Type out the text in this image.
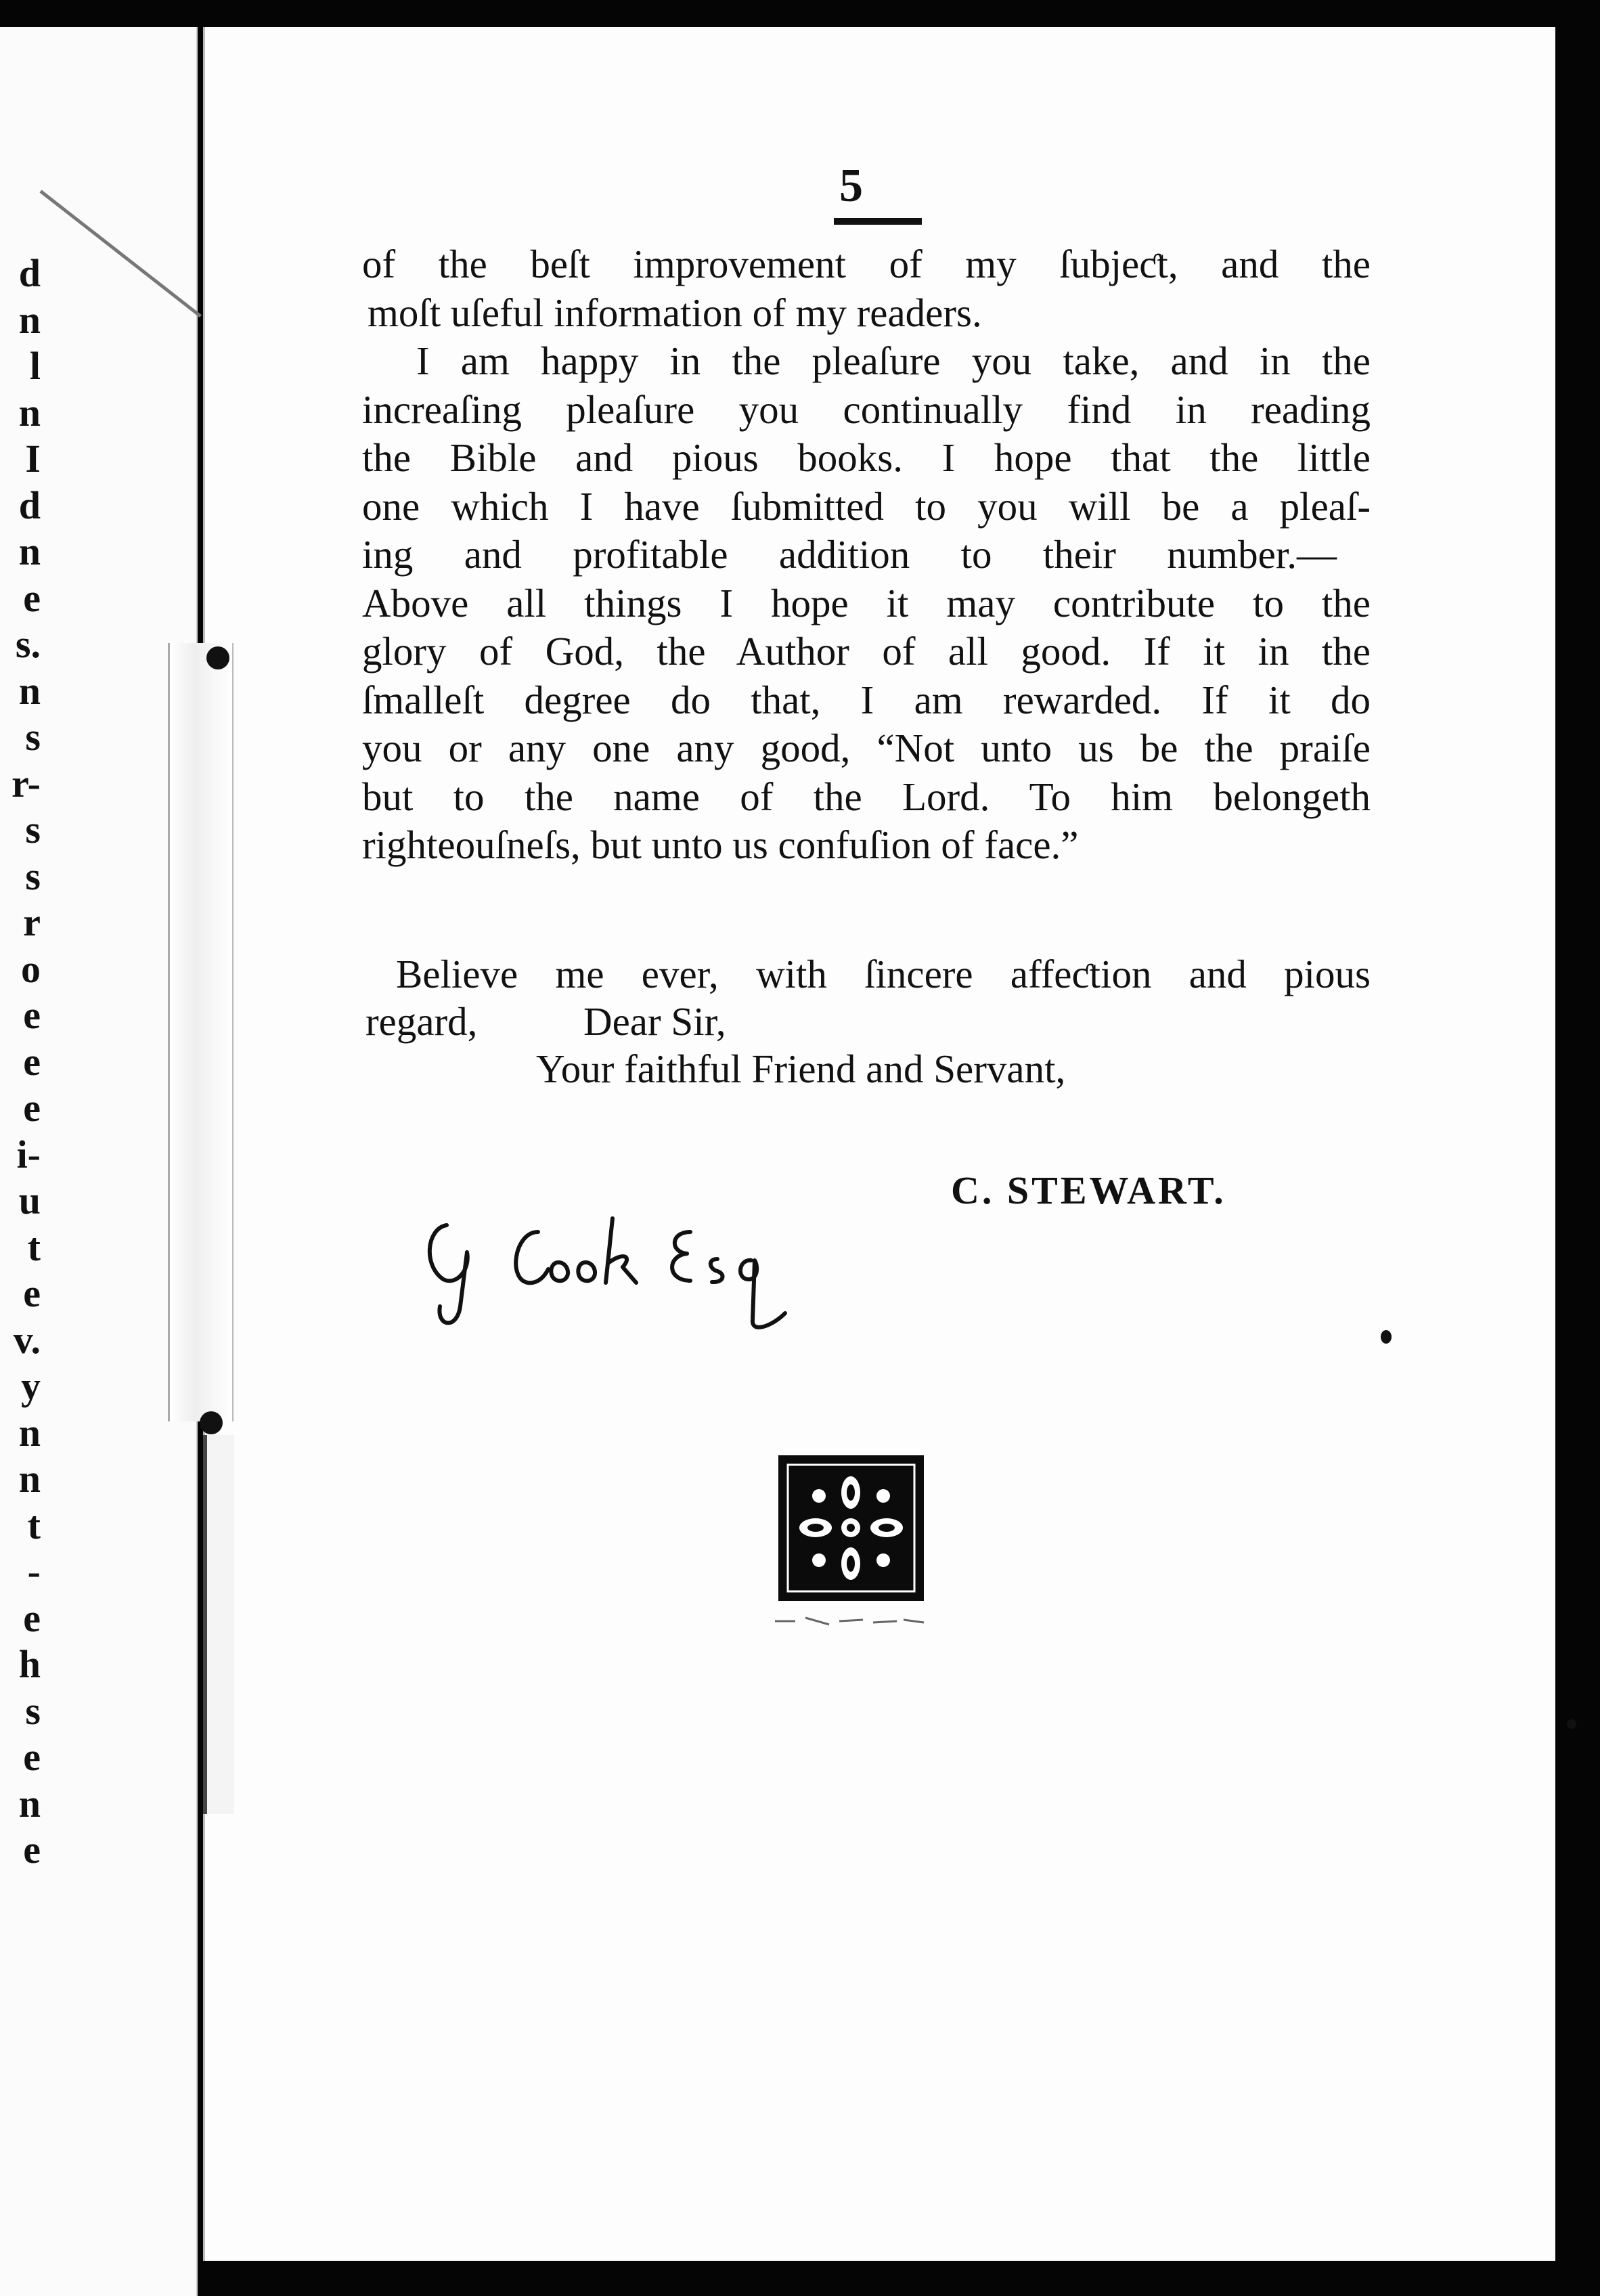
d
n
l
n
I
d
n
e
s.
n
s
r-
s
s
r
o
e
e
e
i-
u
t
e
v.
y
n
n
t
-
e
h
s
e
n
e
5
of the beſt improvement of my ſubjeƈt, and the
moſt uſeful information of my readers.
I am happy in the pleaſure you take, and in the
increaſing pleaſure you continually find in reading
the Bible and pious books. I hope that the little
one which I have ſubmitted to you will be a pleaſ-
ing and profitable addition to their number.—
Above all things I hope it may contribute to the
glory of God, the Author of all good. If it in the
ſmalleſt degree do that, I am rewarded. If it do
you or any one any good, “Not unto us be the praiſe
but to the name of the Lord. To him belongeth
righteouſneſs, but unto us confuſion of face.”
Believe me ever, with ſincere affeƈtion and pious
regard,	Dear Sir,
Your faithful Friend and Servant,
C. STEWART.
